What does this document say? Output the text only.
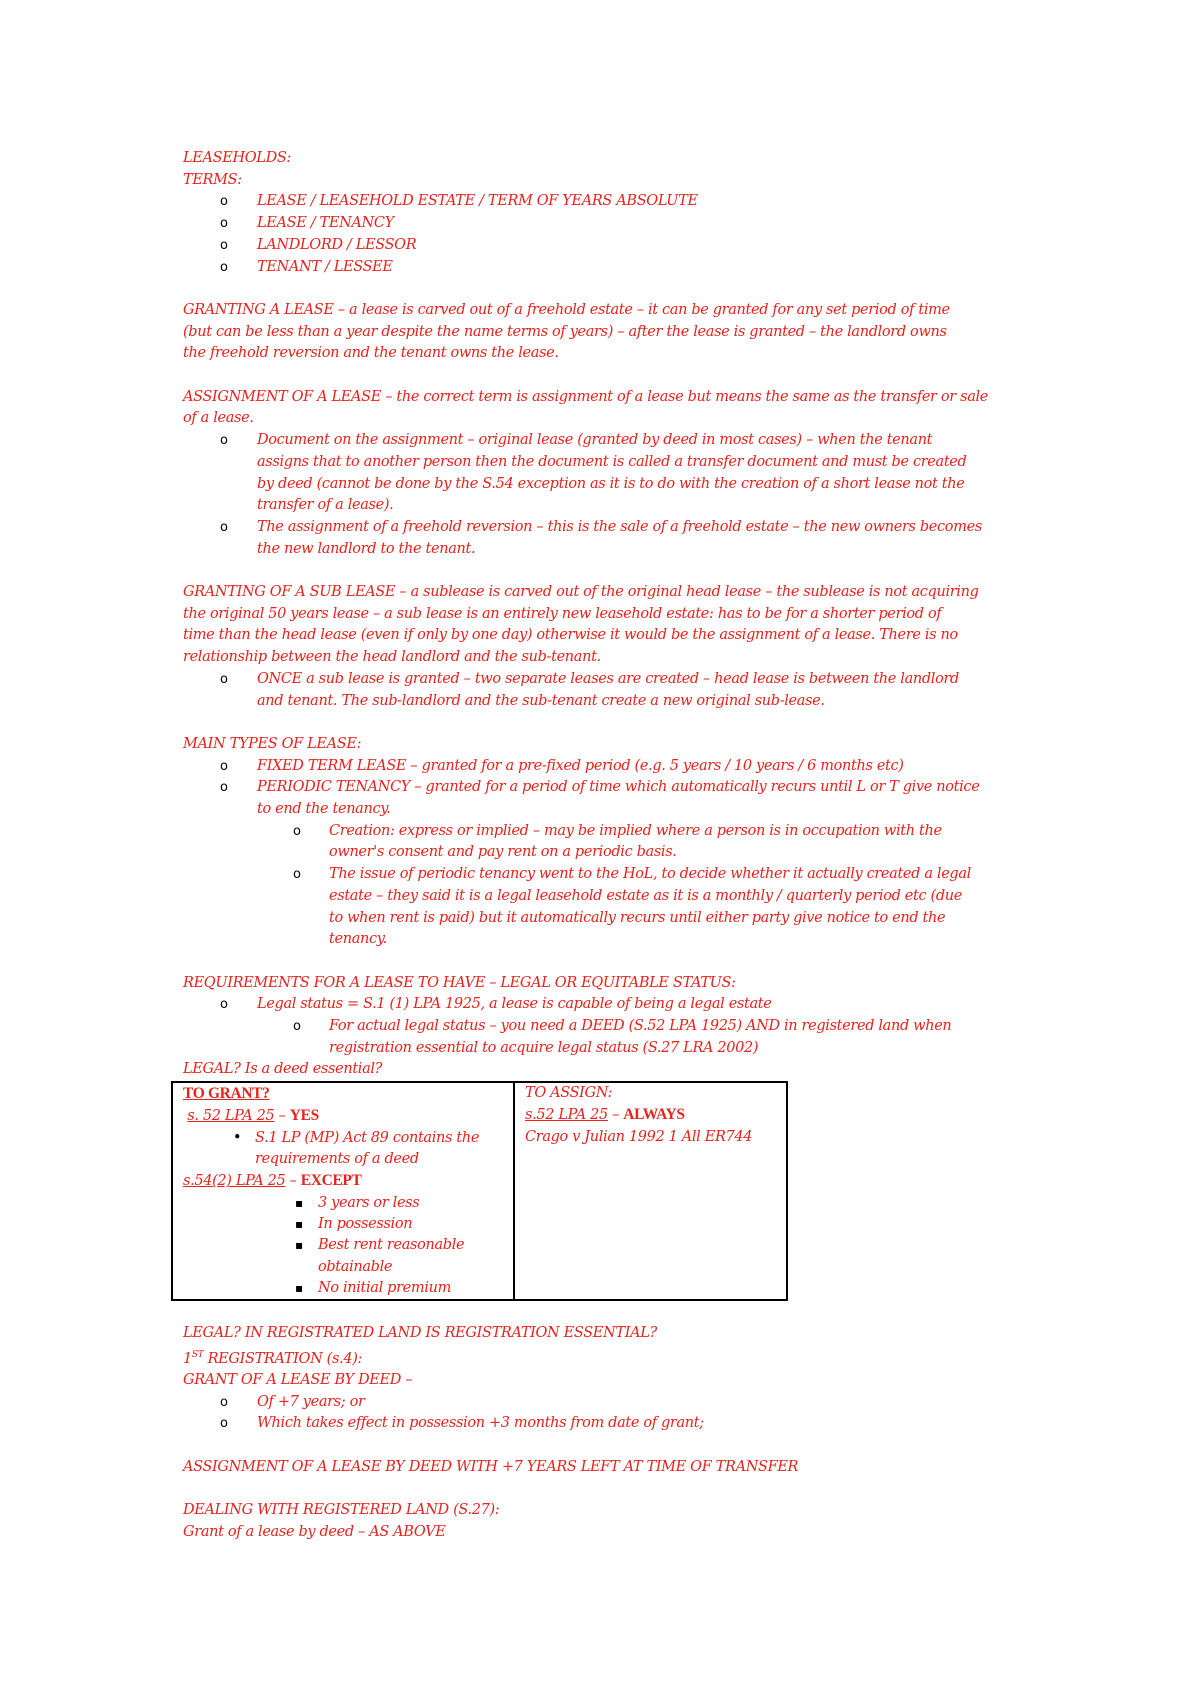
LEASEHOLDS:
TERMS:
o LEASE / LEASEHOLD ESTATE / TERM OF YEARS ABSOLUTE
o LEASE / TENANCY
o LANDLORD / LESSOR
o TENANT / LESSEE
GRANTING A LEASE – a lease is carved out of a freehold estate – it can be granted for any set period of time
(but can be less than a year despite the name terms of years) – after the lease is granted – the landlord owns
the freehold reversion and the tenant owns the lease.
ASSIGNMENT OF A LEASE – the correct term is assignment of a lease but means the same as the transfer or sale
of a lease.
o Document on the assignment – original lease (granted by deed in most cases) – when the tenant
assigns that to another person then the document is called a transfer document and must be created
by deed (cannot be done by the S.54 exception as it is to do with the creation of a short lease not the
transfer of a lease).
o The assignment of a freehold reversion – this is the sale of a freehold estate – the new owners becomes
the new landlord to the tenant.
GRANTING OF A SUB LEASE – a sublease is carved out of the original head lease – the sublease is not acquiring
the original 50 years lease – a sub lease is an entirely new leasehold estate: has to be for a shorter period of
time than the head lease (even if only by one day) otherwise it would be the assignment of a lease. There is no
relationship between the head landlord and the sub-tenant.
o ONCE a sub lease is granted – two separate leases are created – head lease is between the landlord
and tenant. The sub-landlord and the sub-tenant create a new original sub-lease.
MAIN TYPES OF LEASE:
o FIXED TERM LEASE – granted for a pre-fixed period (e.g. 5 years / 10 years / 6 months etc)
o PERIODIC TENANCY – granted for a period of time which automatically recurs until L or T give notice
to end the tenancy.
o Creation: express or implied – may be implied where a person is in occupation with the
owner's consent and pay rent on a periodic basis.
o The issue of periodic tenancy went to the HoL, to decide whether it actually created a legal
estate – they said it is a legal leasehold estate as it is a monthly / quarterly period etc (due
to when rent is paid) but it automatically recurs until either party give notice to end the
tenancy.
REQUIREMENTS FOR A LEASE TO HAVE – LEGAL OR EQUITABLE STATUS:
o Legal status = S.1 (1) LPA 1925, a lease is capable of being a legal estate
o For actual legal status – you need a DEED (S.52 LPA 1925) AND in registered land when
registration essential to acquire legal status (S.27 LRA 2002)
LEGAL? Is a deed essential?
TO GRANT?
s. 52 LPA 25 – YES
• S.1 LP (MP) Act 89 contains the
requirements of a deed
s.54(2) LPA 25 – EXCEPT
▪ 3 years or less
▪ In possession
▪ Best rent reasonable
obtainable
▪ No initial premium

TO ASSIGN:
s.52 LPA 25 – ALWAYS
Crago v Julian 1992 1 All ER744
LEGAL? IN REGISTRATED LAND IS REGISTRATION ESSENTIAL?
1ST REGISTRATION (s.4):
GRANT OF A LEASE BY DEED –
o Of +7 years; or
o Which takes effect in possession +3 months from date of grant;
ASSIGNMENT OF A LEASE BY DEED WITH +7 YEARS LEFT AT TIME OF TRANSFER
DEALING WITH REGISTERED LAND (S.27):
Grant of a lease by deed – AS ABOVE
